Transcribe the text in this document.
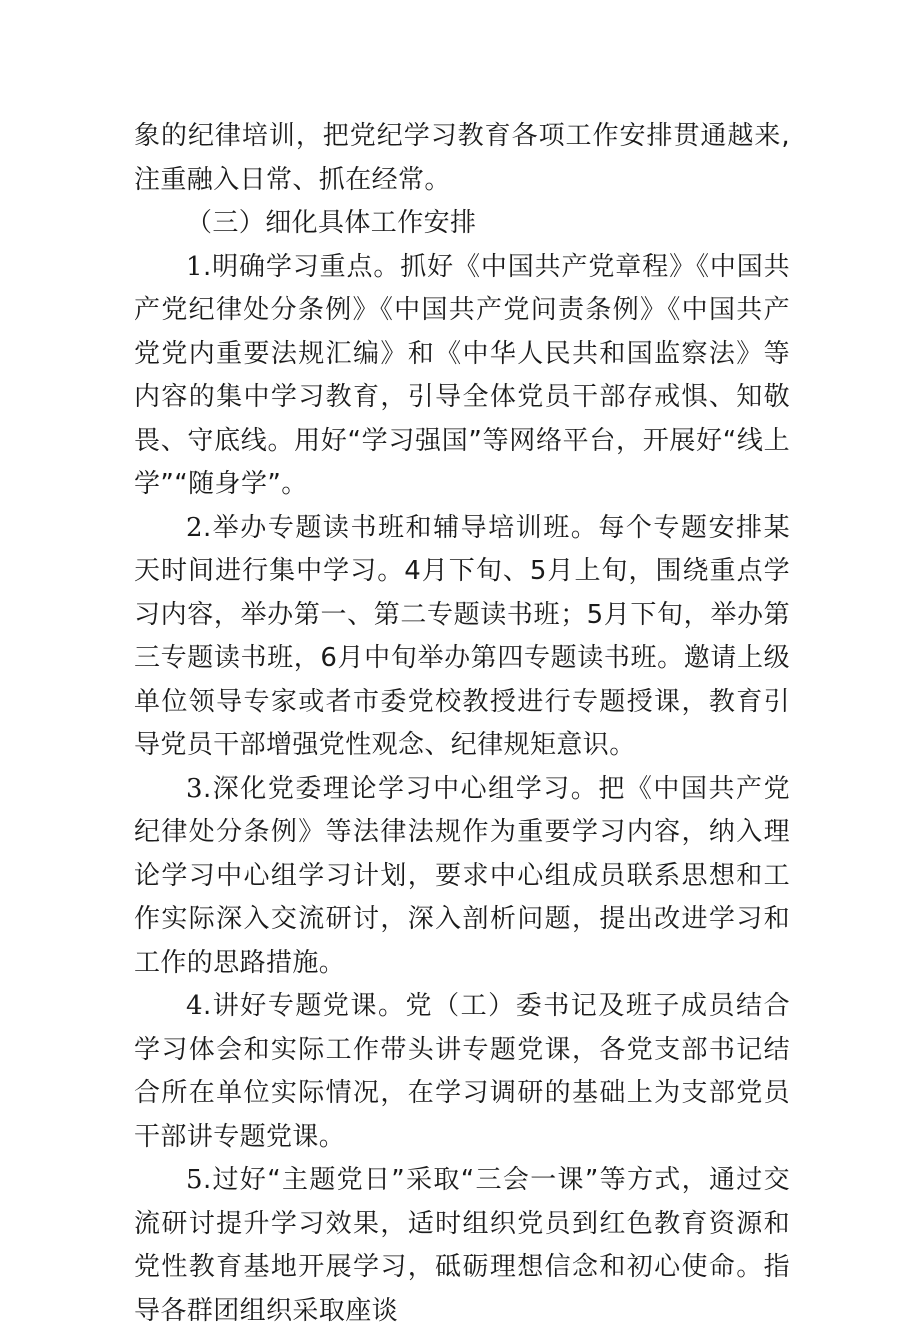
象的纪律培训，把党纪学习教育各项工作安排贯通越来,注重融入日常、抓在经常。

（三）细化具体工作安排

1.明确学习重点。抓好《中国共产党章程》《中国共产党纪律处分条例》《中国共产党问责条例》《中国共产党党内重要法规汇编》和《中华人民共和国监察法》等内容的集中学习教育，引导全体党员干部存戒惧、知敬畏、守底线。用好“学习强国”等网络平台，开展好“线上学”“随身学”。

2.举办专题读书班和辅导培训班。每个专题安排某天时间进行集中学习。4月下旬、5月上旬，围绕重点学习内容，举办第一、第二专题读书班；5月下旬，举办第三专题读书班，6月中旬举办第四专题读书班。邀请上级单位领导专家或者市委党校教授进行专题授课，教育引导党员干部增强党性观念、纪律规矩意识。

3.深化党委理论学习中心组学习。把《中国共产党纪律处分条例》等法律法规作为重要学习内容，纳入理论学习中心组学习计划，要求中心组成员联系思想和工作实际深入交流研讨，深入剖析问题，提出改进学习和工作的思路措施。

4.讲好专题党课。党（工）委书记及班子成员结合学习体会和实际工作带头讲专题党课，各党支部书记结合所在单位实际情况，在学习调研的基础上为支部党员干部讲专题党课。

5.过好“主题党日”采取“三会一课”等方式，通过交流研讨提升学习效果，适时组织党员到红色教育资源和党性教育基地开展学习，砥砺理想信念和初心使命。指导各群团组织采取座谈
